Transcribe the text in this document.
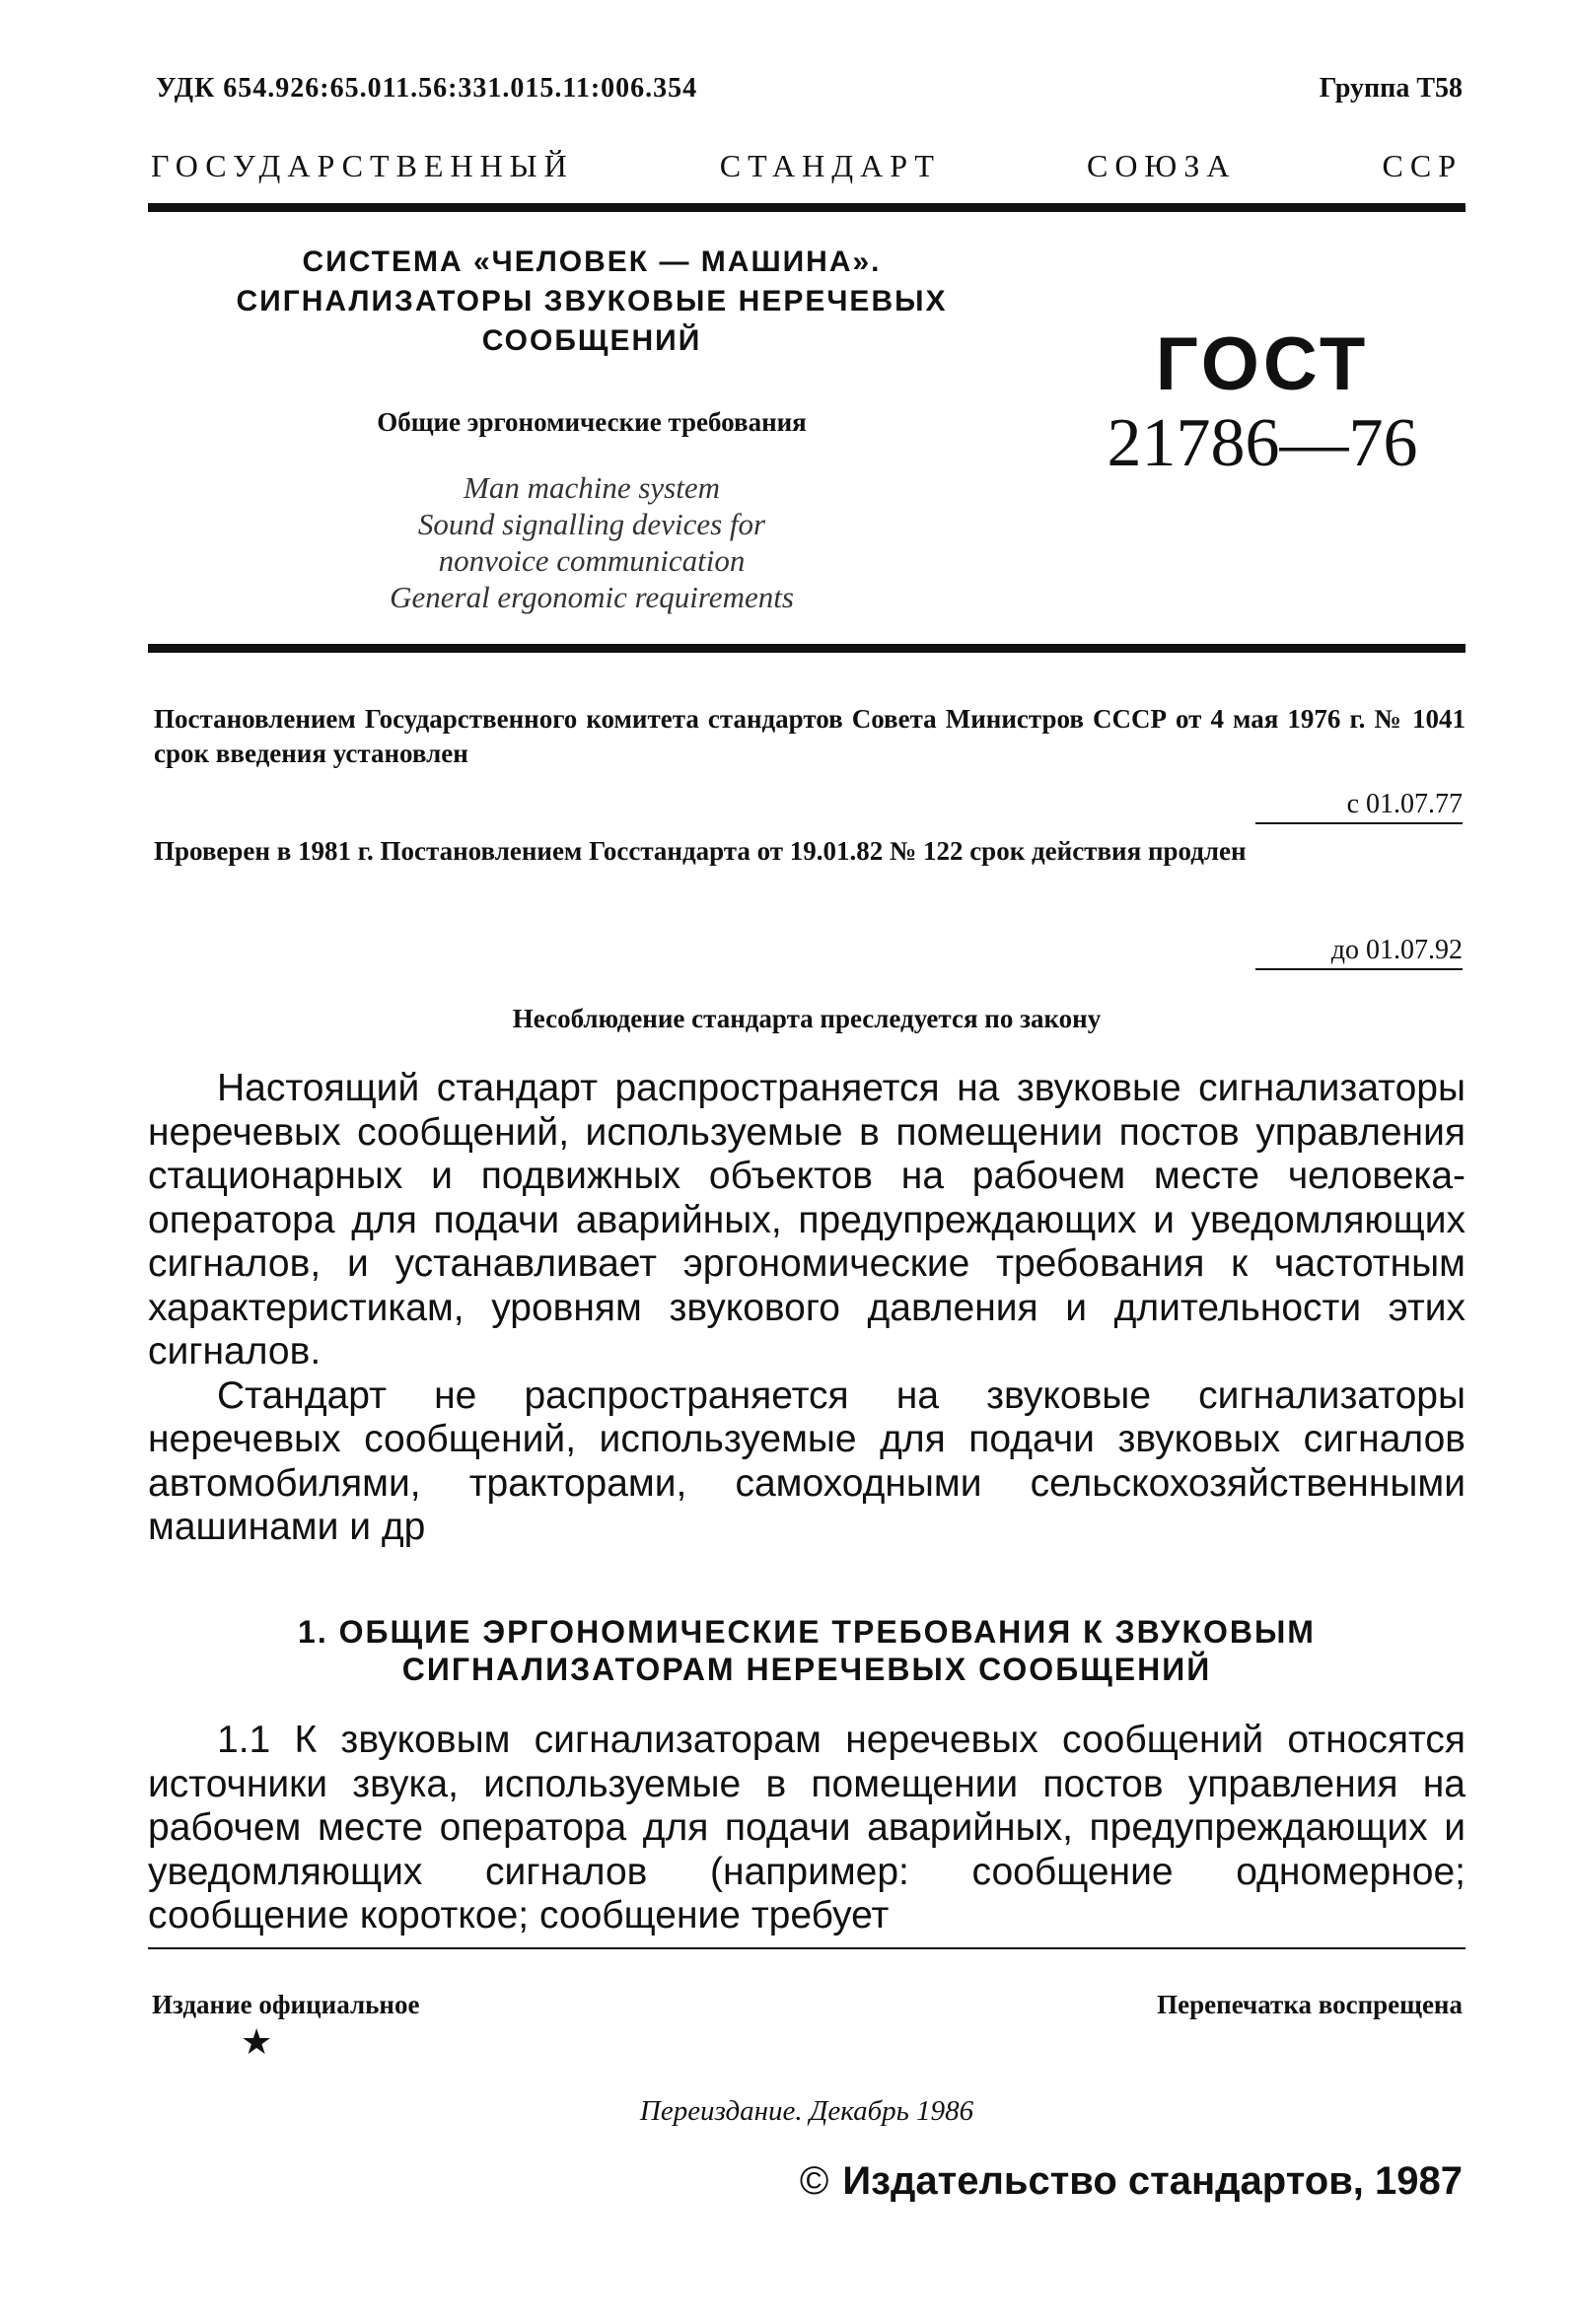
УДК 654.926:65.011.56:331.015.11:006.354	Группа Т58
ГОСУДАРСТВЕННЫЙ	СТАНДАРТ	СОЮЗА	ССР
СИСТЕМА «ЧЕЛОВЕК — МАШИНА».
СИГНАЛИЗАТОРЫ ЗВУКОВЫЕ НЕРЕЧЕВЫХ
СООБЩЕНИЙ
Общие эргономические требования
Man machine system
Sound signalling devices for
nonvoice communication
General ergonomic requirements
ГОСТ
21786—76
Постановлением Государственного комитета стандартов Совета Министров СССР от 4 мая 1976 г. № 1041 срок введения установлен
с 01.07.77
Проверен в 1981 г. Постановлением Госстандарта от 19.01.82 № 122 срок действия продлен
до 01.07.92
Несоблюдение стандарта преследуется по закону

Настоящий стандарт распространяется на звуковые сигнализаторы неречевых сообщений, используемые в помещении постов управления стационарных и подвижных объектов на рабочем месте человека-оператора для подачи аварийных, предупреждающих и уведомляющих сигналов, и устанавливает эргономические требования к частотным характеристикам, уровням звукового давления и длительности этих сигналов.

Стандарт не распространяется на звуковые сигнализаторы неречевых сообщений, используемые для подачи звуковых сигналов автомобилями, тракторами, самоходными сельскохозяйственными машинами и др

1. ОБЩИЕ ЭРГОНОМИЧЕСКИЕ ТРЕБОВАНИЯ К ЗВУКОВЫМ
СИГНАЛИЗАТОРАМ НЕРЕЧЕВЫХ СООБЩЕНИЙ

1.1 К звуковым сигнализаторам неречевых сообщений относятся источники звука, используемые в помещении постов управления на рабочем месте оператора для подачи аварийных, предупреждающих и уведомляющих сигналов (например: сообщение одномерное; сообщение короткое; сообщение требует

Издание официальное	Перепечатка воспрещена
★
Переиздание. Декабрь 1986
© Издательство стандартов, 1987
